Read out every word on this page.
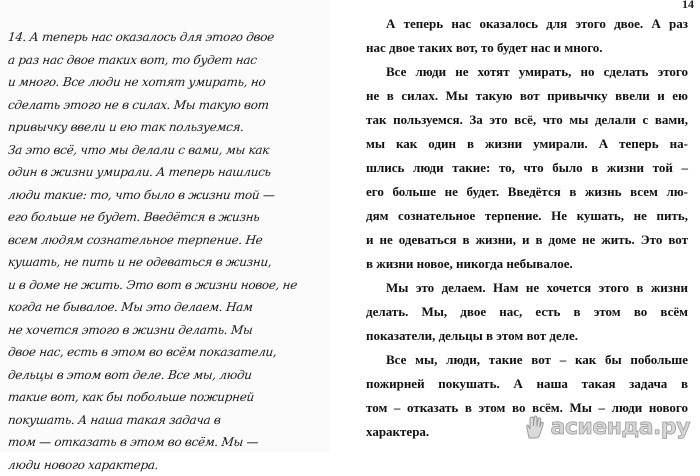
14. А теперь нас оказалось для этого двое
а раз нас двое таких вот, то будет нас
и много. Все люди не хотят умирать, но
сделать этого не в силах. Мы такую вот
привычку ввели и ею так пользуемся.
За это всё, что мы делали с вами, мы как
один в жизни умирали. А теперь нашлись
люди такие: то, что было в жизни той —
его больше не будет. Введётся в жизнь
всем людям сознательное терпение. Не
кушать, не пить и не одеваться в жизни,
и в доме не жить. Это вот в жизни новое, не
когда не бывалое. Мы это делаем. Нам
не хочется этого в жизни делать. Мы
двое нас, есть в этом во всём показатели,
дельцы в этом вот деле. Все мы, люди
такие вот, как бы побольше пожирней
покушать. А наша такая задача в
том — отказать в этом во всём. Мы —
люди нового характера.
14

А теперь нас оказалось для этого двое. А раз
нас двое таких вот, то будет нас и много.

Все люди не хотят умирать, но сделать этого
не в силах. Мы такую вот привычку ввели и ею
так пользуемся. За это всё, что мы делали с вами,
мы как один в жизни умирали. А теперь на-
шлись люди такие: то, что было в жизни той –
его больше не будет. Введётся в жизнь всем лю-
дям сознательное терпение. Не кушать, не пить,
и не одеваться в жизни, и в доме не жить. Это вот
в жизни новое, никогда небывалое.

Мы это делаем. Нам не хочется этого в жизни
делать. Мы, двое нас, есть в этом во всём
показатели, дельцы в этом вот деле.

Все мы, люди, такие вот – как бы побольше
пожирней покушать. А наша такая задача в
том – отказать в этом во всём. Мы – люди нового
характера.	асиенда.ру
